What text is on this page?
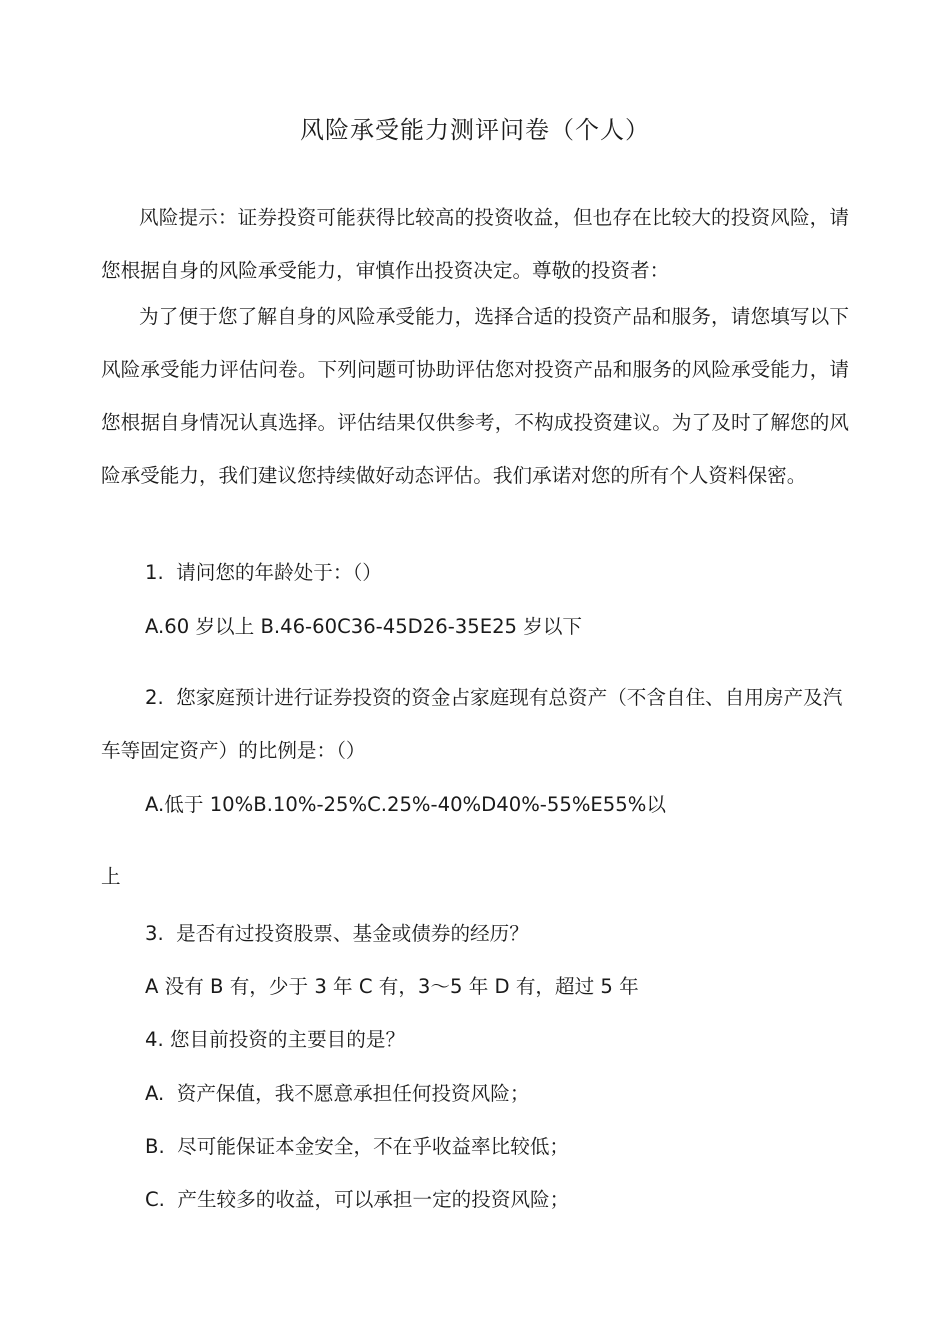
风险承受能力测评问卷（个人）

风险提示：证券投资可能获得比较高的投资收益，但也存在比较大的投资风险，请您根据自身的风险承受能力，审慎作出投资决定。尊敬的投资者：

为了便于您了解自身的风险承受能力，选择合适的投资产品和服务，请您填写以下风险承受能力评估问卷。下列问题可协助评估您对投资产品和服务的风险承受能力，请您根据自身情况认真选择。评估结果仅供参考，不构成投资建议。为了及时了解您的风险承受能力，我们建议您持续做好动态评估。我们承诺对您的所有个人资料保密。

1.  请问您的年龄处于：（）

A.60 岁以上 B.46-60C36-45D26-35E25 岁以下

2.  您家庭预计进行证券投资的资金占家庭现有总资产（不含自住、自用房产及汽车等固定资产）的比例是：（）

A.低于 10%B.10%-25%C.25%-40%D40%-55%E55%以

上

3.  是否有过投资股票、基金或债券的经历？

A 没有 B 有，少于 3 年 C 有，3〜5 年 D 有，超过 5 年

4. 您目前投资的主要目的是？

A.  资产保值，我不愿意承担任何投资风险；

B.  尽可能保证本金安全，不在乎收益率比较低；

C.  产生较多的收益，可以承担一定的投资风险；
